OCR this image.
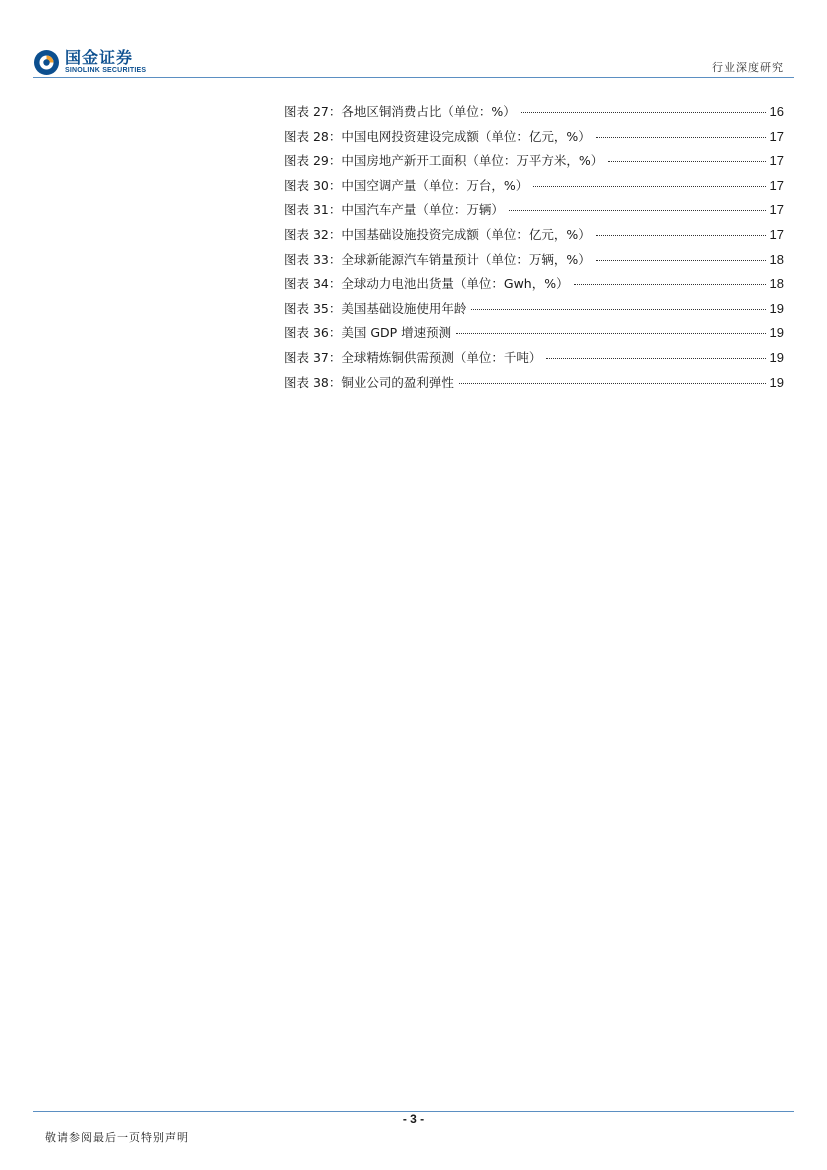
国金证券
SINOLINK SECURITIES	行业深度研究
图表 27：各地区铜消费占比（单位：%）	16
图表 28：中国电网投资建设完成额（单位：亿元，%）	17
图表 29：中国房地产新开工面积（单位：万平方米，%）	17
图表 30：中国空调产量（单位：万台，%）	17
图表 31：中国汽车产量（单位：万辆）	17
图表 32：中国基础设施投资完成额（单位：亿元，%）	17
图表 33：全球新能源汽车销量预计（单位：万辆，%）	18
图表 34：全球动力电池出货量（单位：Gwh，%）	18
图表 35：美国基础设施使用年龄	19
图表 36：美国 GDP 增速预测	19
图表 37：全球精炼铜供需预测（单位：千吨）	19
图表 38：铜业公司的盈利弹性	19
- 3 -
敬请参阅最后一页特别声明
